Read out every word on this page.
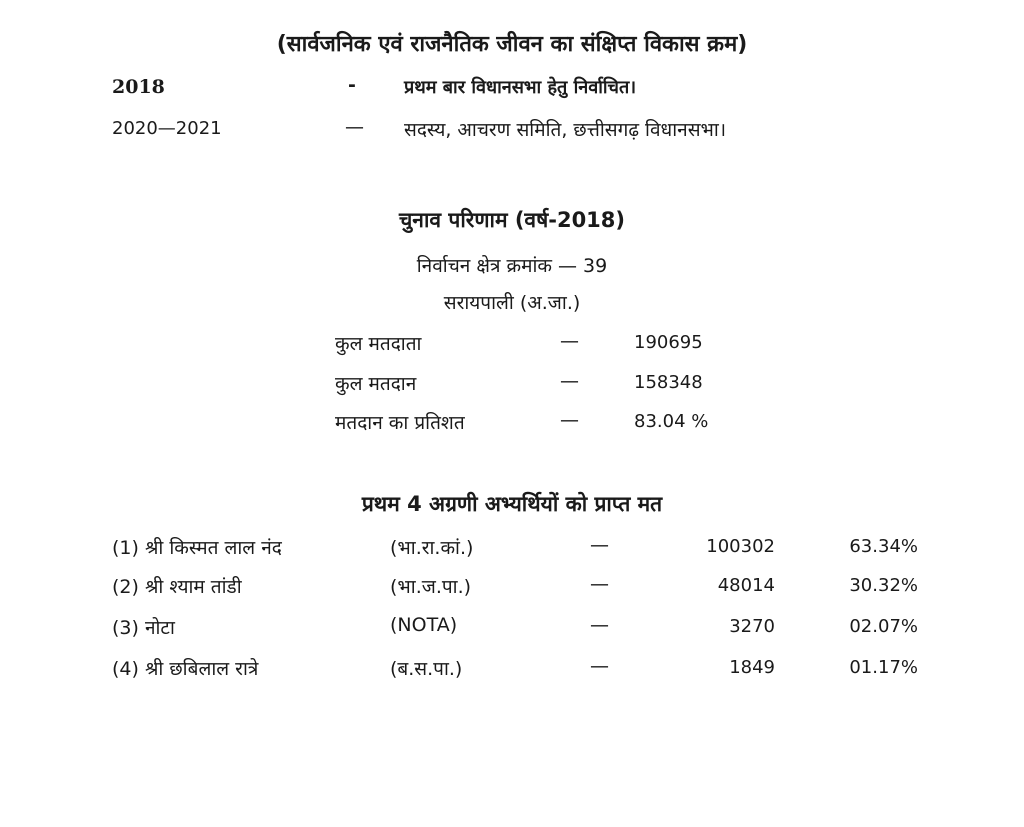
(सार्वजनिक एवं राजनैतिक जीवन का संक्षिप्त विकास क्रम)
2018	-	प्रथम बार विधानसभा हेतु निर्वाचित।
2020—2021	— सदस्य, आचरण समिति, छत्तीसगढ़ विधानसभा।
चुनाव परिणाम (वर्ष-2018)
निर्वाचन क्षेत्र क्रमांक — 39
सरायपाली (अ.जा.)
कुल मतदाता	—	190695
कुल मतदान	—	158348
मतदान का प्रतिशत	—	83.04 %
प्रथम 4 अग्रणी अभ्यर्थियों को प्राप्त मत
(1) श्री किस्मत लाल नंद	(भा.रा.कां.)	—	100302	63.34%
(2) श्री श्याम तांडी	(भा.ज.पा.)	—	48014	30.32%
(3) नोटा	(NOTA)	—	3270	02.07%
(4) श्री छबिलाल रात्रे	(ब.स.पा.)	—	1849	01.17%
